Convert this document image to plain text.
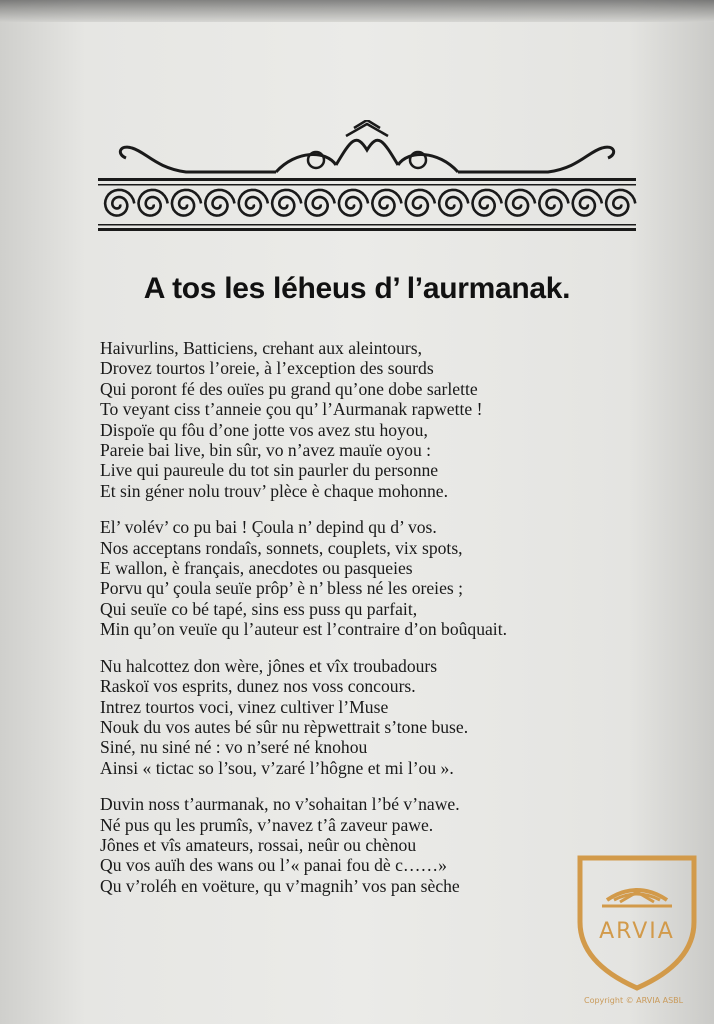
A tos les léheus d’ l’aurmanak.
Haivurlins, Batticiens, crehant aux aleintours,
Drovez tourtos l’oreie, à l’exception des sourds
Qui poront fé des ouïes pu grand qu’one dobe sarlette
To veyant ciss t’anneie çou qu’ l’Aurmanak rapwette !
Dispoïe qu fôu d’one jotte vos avez stu hoyou,
Pareie bai live, bin sûr, vo n’avez mauïe oyou :
Live qui paureule du tot sin paurler du personne
Et sin géner nolu trouv’ plèce è chaque mohonne.
El’ volév’ co pu bai ! Çoula n’ depind qu d’ vos.
Nos acceptans rondaîs, sonnets, couplets, vix spots,
E wallon, è français, anecdotes ou pasqueies
Porvu qu’ çoula seuïe prôp’ è n’ bless né les oreies ;
Qui seuïe co bé tapé, sins ess puss qu parfait,
Min qu’on veuïe qu l’auteur est l’contraire d’on boûquait.
Nu halcottez don wère, jônes et vîx troubadours
Raskoï vos esprits, dunez nos voss concours.
Intrez tourtos voci, vinez cultiver l’Muse
Nouk du vos autes bé sûr nu rèpwettrait s’tone buse.
Siné, nu siné né : vo n’seré né knohou
Ainsi « tictac so l’sou, v’zaré l’hôgne et mi l’ou ».
Duvin noss t’aurmanak, no v’sohaitan l’bé v’nawe.
Né pus qu les prumîs, v’navez t’â zaveur pawe.
Jônes et vîs amateurs, rossai, neûr ou chènou
Qu vos auïh des wans ou l’« panai fou dè c……»
Qu v’roléh en voëture, qu v’magnih’ vos pan sèche
ARVIA
Copyright © ARVIA ASBL
